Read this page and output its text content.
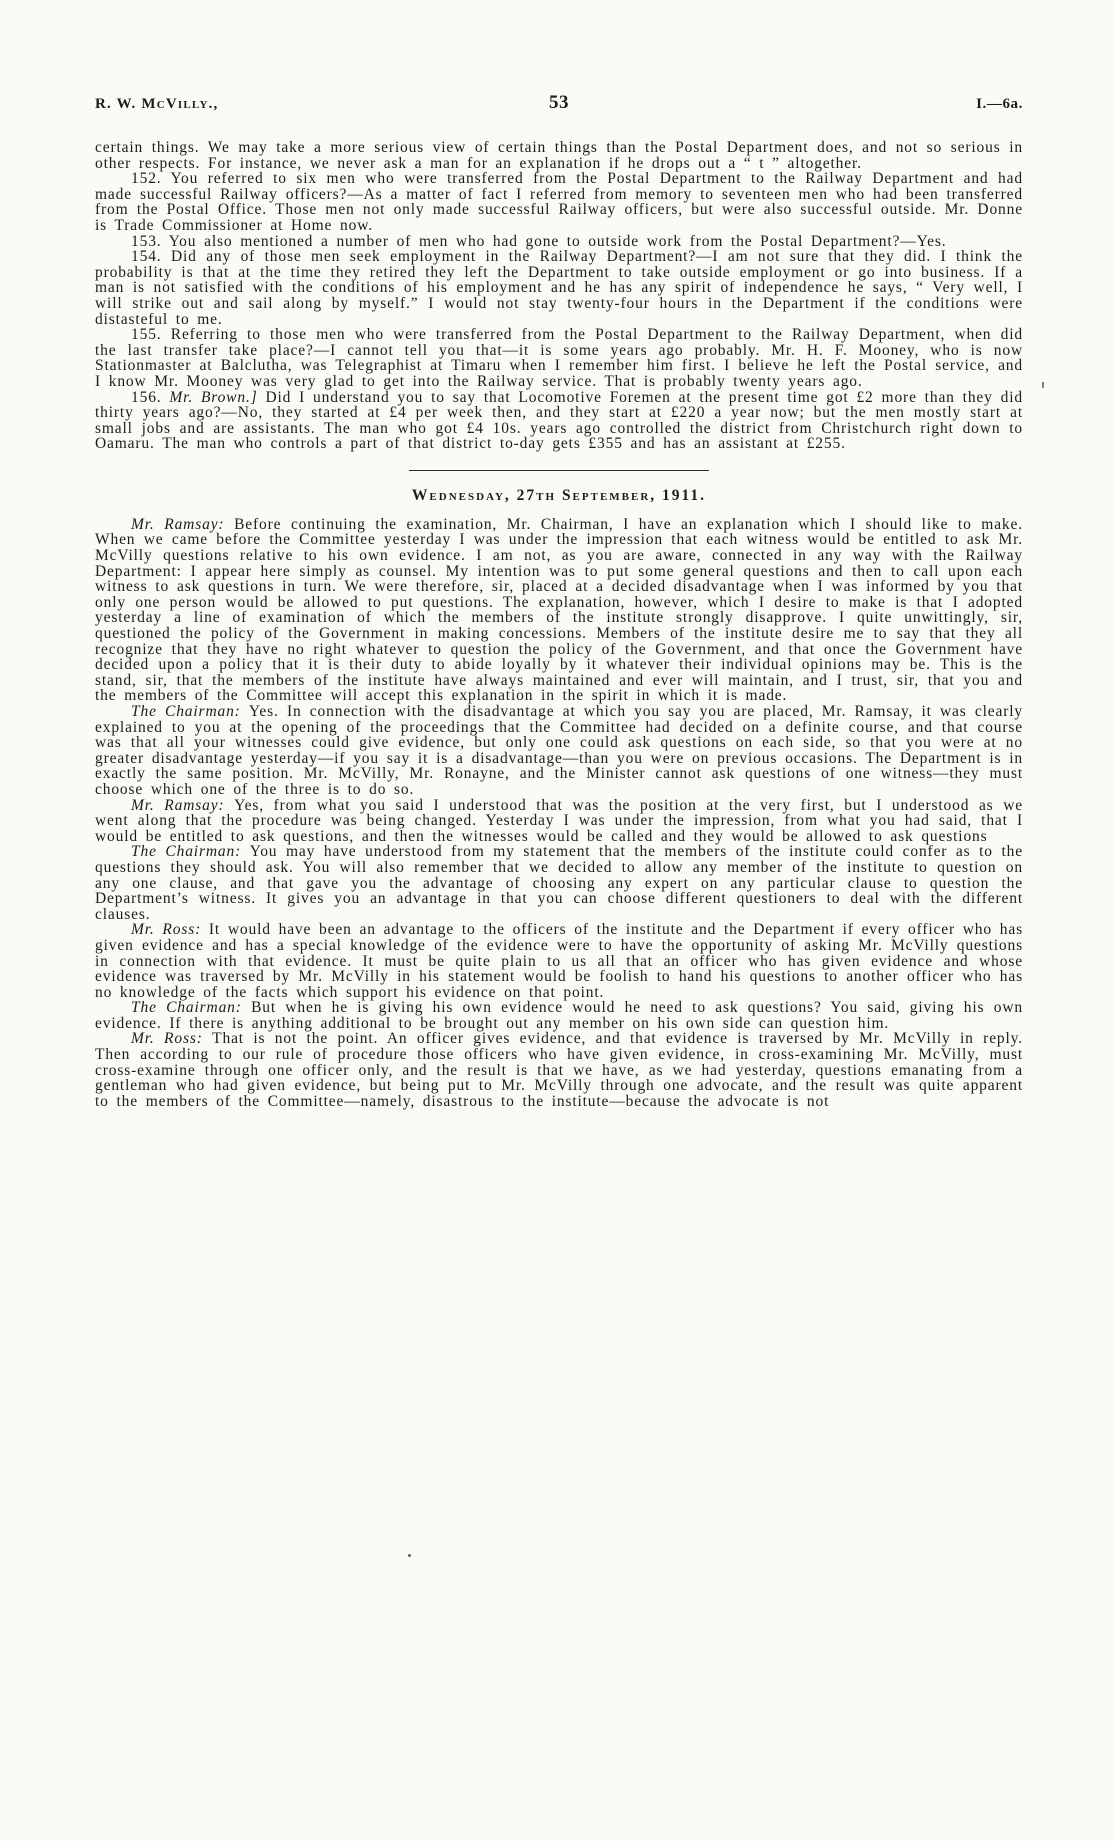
R. W. McVilly.,	53	I.—6a.

certain things. We may take a more serious view of certain things than the Postal Department does, and not so serious in other respects. For instance, we never ask a man for an explanation if he drops out a “ t ” altogether.

152. You referred to six men who were transferred from the Postal Department to the Railway Department and had made successful Railway officers?—As a matter of fact I referred from memory to seventeen men who had been transferred from the Postal Office. Those men not only made successful Railway officers, but were also successful outside. Mr. Donne is Trade Commissioner at Home now.

153. You also mentioned a number of men who had gone to outside work from the Postal Department?—Yes.

154. Did any of those men seek employment in the Railway Department?—I am not sure that they did. I think the probability is that at the time they retired they left the Department to take outside employment or go into business. If a man is not satisfied with the conditions of his employment and he has any spirit of independence he says, “ Very well, I will strike out and sail along by myself.” I would not stay twenty-four hours in the Department if the conditions were distasteful to me.

155. Referring to those men who were transferred from the Postal Department to the Railway Department, when did the last transfer take place?—I cannot tell you that—it is some years ago probably. Mr. H. F. Mooney, who is now Stationmaster at Balclutha, was Telegraphist at Timaru when I remember him first. I believe he left the Postal service, and I know Mr. Mooney was very glad to get into the Railway service. That is probably twenty years ago.

156. Mr. Brown.] Did I understand you to say that Locomotive Foremen at the present time got £2 more than they did thirty years ago?—No, they started at £4 per week then, and they start at £220 a year now; but the men mostly start at small jobs and are assistants. The man who got £4 10s. years ago controlled the district from Christchurch right down to Oamaru. The man who controls a part of that district to-day gets £355 and has an assistant at £255.

Wednesday, 27th September, 1911.

Mr. Ramsay: Before continuing the examination, Mr. Chairman, I have an explanation which I should like to make. When we came before the Committee yesterday I was under the impression that each witness would be entitled to ask Mr. McVilly questions relative to his own evidence. I am not, as you are aware, connected in any way with the Railway Department: I appear here simply as counsel. My intention was to put some general questions and then to call upon each witness to ask questions in turn. We were therefore, sir, placed at a decided disadvantage when I was informed by you that only one person would be allowed to put questions. The explanation, however, which I desire to make is that I adopted yesterday a line of examination of which the members of the institute strongly disapprove. I quite unwittingly, sir, questioned the policy of the Government in making concessions. Members of the institute desire me to say that they all recognize that they have no right whatever to question the policy of the Government, and that once the Government have decided upon a policy that it is their duty to abide loyally by it whatever their individual opinions may be. This is the stand, sir, that the members of the institute have always maintained and ever will maintain, and I trust, sir, that you and the members of the Committee will accept this explanation in the spirit in which it is made.

The Chairman: Yes. In connection with the disadvantage at which you say you are placed, Mr. Ramsay, it was clearly explained to you at the opening of the proceedings that the Committee had decided on a definite course, and that course was that all your witnesses could give evidence, but only one could ask questions on each side, so that you were at no greater disadvantage yesterday—if you say it is a disadvantage—than you were on previous occasions. The Department is in exactly the same position. Mr. McVilly, Mr. Ronayne, and the Minister cannot ask questions of one witness—they must choose which one of the three is to do so.

Mr. Ramsay: Yes, from what you said I understood that was the position at the very first, but I understood as we went along that the procedure was being changed. Yesterday I was under the impression, from what you had said, that I would be entitled to ask questions, and then the witnesses would be called and they would be allowed to ask questions

The Chairman: You may have understood from my statement that the members of the institute could confer as to the questions they should ask. You will also remember that we decided to allow any member of the institute to question on any one clause, and that gave you the advantage of choosing any expert on any particular clause to question the Department’s witness. It gives you an advantage in that you can choose different questioners to deal with the different clauses.

Mr. Ross: It would have been an advantage to the officers of the institute and the Department if every officer who has given evidence and has a special knowledge of the evidence were to have the opportunity of asking Mr. McVilly questions in connection with that evidence. It must be quite plain to us all that an officer who has given evidence and whose evidence was traversed by Mr. McVilly in his statement would be foolish to hand his questions to another officer who has no knowledge of the facts which support his evidence on that point.

The Chairman: But when he is giving his own evidence would he need to ask questions? You said, giving his own evidence. If there is anything additional to be brought out any member on his own side can question him.

Mr. Ross: That is not the point. An officer gives evidence, and that evidence is traversed by Mr. McVilly in reply. Then according to our rule of procedure those officers who have given evidence, in cross-examining Mr. McVilly, must cross-examine through one officer only, and the result is that we have, as we had yesterday, questions emanating from a gentleman who had given evidence, but being put to Mr. McVilly through one advocate, and the result was quite apparent to the members of the Committee—namely, disastrous to the institute—because the advocate is not
